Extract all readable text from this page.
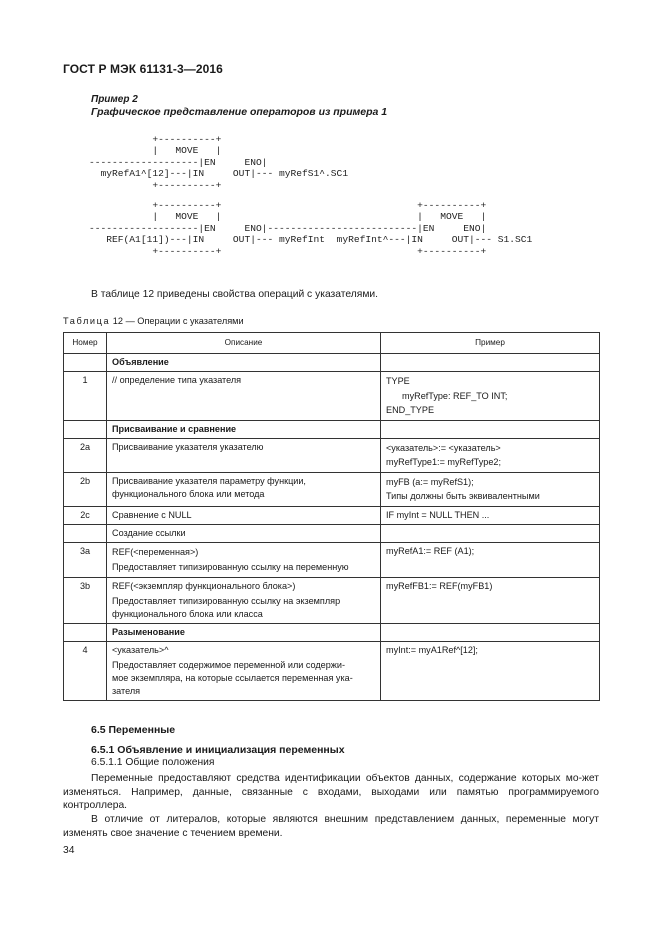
ГОСТ Р МЭК 61131-3—2016
Пример 2
Графическое представление операторов из примера 1
+----------+
|   MOVE   |
-------------------|EN     ENO|
myRefA1^[12]---|IN     OUT|--- myRefS1^.SC1
+----------+
+----------+                                  +----------+
|   MOVE   |                                  |   MOVE   |
-------------------|EN     ENO|--------------------------|EN     ENO|
REF(A1[11])---|IN     OUT|--- myRefInt  myRefInt^---|IN     OUT|--- S1.SC1
+----------+                                  +----------+
В таблице 12 приведены свойства операций с указателями.
Таблица 12 — Операции с указателями
Номер	Описание	Пример
	Объявление	
1	// определение типа указателя	TYPE
myRefType: REF_TO INT;
END_TYPE

	Присваивание и сравнение	
2a	Присваивание указателя указателю	<указатель>:= <указатель>
myRefType1:= myRefType2;

2b	Присваивание указателя параметру функции,
функционального блока или метода	myFB (a:= myRefS1);
Типы должны быть эквивалентными

2c	Сравнение с NULL	IF myInt = NULL THEN ...

	Создание ссылки	
3a	REF(<переменная>)
Предоставляет типизированную ссылку на переменную	myRefA1:= REF (A1);

3b	REF(<экземпляр функционального блока>)
Предоставляет типизированную ссылку на экземпляр
функционального блока или класса	myRefFB1:= REF(myFB1)

	Разыменование	
4	<указатель>^
Предоставляет содержимое переменной или содержи-
мое экземпляра, на которые ссылается переменная ука-
зателя	myInt:= myA1Ref^[12];
6.5 Переменные
6.5.1 Объявление и инициализация переменных
6.5.1.1 Общие положения
Переменные предоставляют средства идентификации объектов данных, содержание которых мо-жет изменяться. Например, данные, связанные с входами, выходами или памятью программируемого контроллера.
В отличие от литералов, которые являются внешним представлением данных, переменные могут изменять свое значение с течением времени.
34
